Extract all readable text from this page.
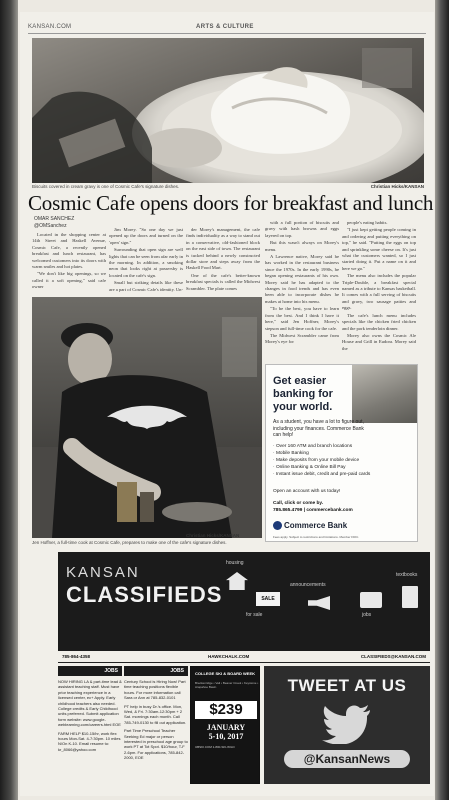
KANSAN.COM	ARTS & CULTURE
Biscuits covered in cream gravy is one of Cosmic Cafe's signature dishes.	Christian Hicks/KANSAN
Cosmic Cafe opens doors for breakfast and lunch
OMAR SANCHEZ
@OMSanchez

Located in the shopping center at 14th Street and Haskell Avenue, Cosmic Cafe, a recently opened breakfast and lunch restaurant, has welcomed customers into its doors with warm smiles and hot plates.

"We don't like big openings, so we called it a soft opening," said cafe owner

Jim Morey. "So one day we just opened up the doors and turned on the 'open' sign."

Surrounding that open sign are well lights that can be seen from afar early in the morning. In addition, a smoking neon that looks right at passersby is located on the cafe's sign.

Small but striking details like these are a part of Cosmic Cafe's identity. Un-

der Morey's management, the cafe finds individuality as a way to stand out in a conservative, old-fashioned block on the east side of town. The restaurant is tucked behind a newly constructed dollar store and steps away from the Haskell Food Mart.

One of the cafe's better-known breakfast specials is called the Midwest Scrambler. The plate comes

with a full portion of biscuits and gravy with hash browns and eggs layered on top.

But this wasn't always on Morey's menu.

A Lawrence native, Morey said he has worked in the restaurant business since the 1970s. In the early 1990s, he began opening restaurants of his own. Morey said he has adapted to the changes in food trends and has even been able to incorporate dishes he makes at home into his menu.

"To be the best, you have to learn from the best. And I think I have it here," said Jen Hoffner, Morey's stepson and full-time cook for the cafe.

The Midwest Scrambler came from Morey's eye for

people's eating habits.

"I just kept getting people coming in and ordering and putting everything on top," he said. "Putting the eggs on top and sprinkling some cheese on. It's just what the customers wanted, so I just started doing it. Put a name on it and here we go."

The menu also includes the popular Triple-Double, a breakfast special named as a tribute to Kansas basketball. It comes with a full serving of biscuits and gravy, two sausage patties and eggs.

The cafe's lunch menu includes specials like the chicken fried chicken and the pork tenderloin dinner.

Morey also owns the Cosmic Ale House and Grill in Eudora. Morey said the

Jen Hoffner, a full-time cook at Cosmic Cafe, prepares to make one of the cafe's signature dishes.
Christian Hicks/KANSAN
Get easier
banking for
your world.
As a student, you have a lot to figure out, including your finances. Commerce Bank can help!
· Over 160 ATM and branch locations
· Mobile Banking
· Make deposits from your mobile device
· Online Banking & Online Bill Pay
· Instant issue debit, credit and pre-paid cards
Open an account with us today!
Call, click or come by.
785.865.4799 | commercebank.com
Commerce Bank
Fees apply. Subject to restrictions and limitations. Member FDIC.
KANSAN
CLASSIFIEDS
housing
SALE
for sale
announcements
jobs
textbooks
785-864-4358	HAWKCHALK.COM	CLASSIFIEDS@KANSAN.COM
JOBS

NOW HIRING LA & part-time lead & assistant teaching staff. Must have prior teaching experience in a licensed center, ec+ Apply. Early childhood teachers also needed. College credits & Early Childhood units preferred. Submit application form website: www.google-weblearning.com/careers.html EOE

FARM HELP $10-15/hr, work flex hours Mon-Sat. 4-7:30pm. 10 miles N/On K-10. Email resume to: kr_8066@yahoo.com

JOBS

Century School is Hiring Now! Part time teaching positions flexible hours. For more information call Sara or Ann at 785-832-0101

PT help in busy Dr.'s office. Mon, Wed, & Fri. 7:30am-12:30pm + 2 Sat. mornings each month. Call 785-749-0130 to fill out application.

Part Time Preschool Teacher Seeking Ed major or person interested in preschool age group to work PT at Tot Spot. $10/hour, T-F 2-6pm. For applications, 785-842-2000, EOE

COLLEGE SKI & BOARD WEEK
Breckenridge • Vail • Beaver Creek • Keystone • Arapahoe Basin
$239
JANUARY
5-10, 2017
UBSKI.COM 1-800-SKI-WILD
TWEET AT US
@KansanNews
